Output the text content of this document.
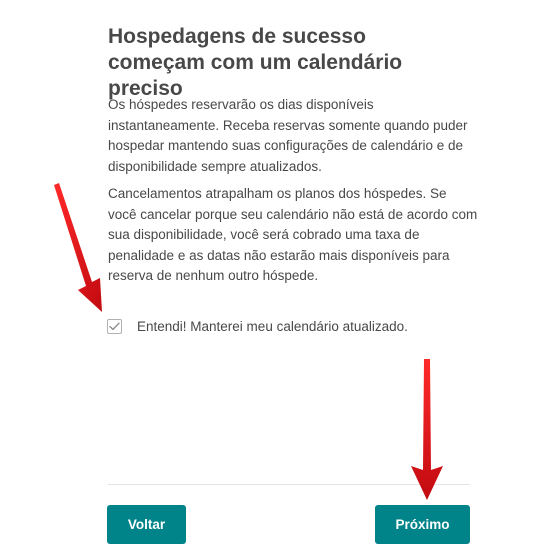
Hospedagens de sucesso começam com um calendário preciso

Os hóspedes reservarão os dias disponíveis instantaneamente. Receba reservas somente quando puder hospedar mantendo suas configurações de calendário e de disponibilidade sempre atualizados.

Cancelamentos atrapalham os planos dos hóspedes. Se você cancelar porque seu calendário não está de acordo com sua disponibilidade, você será cobrado uma taxa de penalidade e as datas não estarão mais disponíveis para reserva de nenhum outro hóspede.

Entendi! Manterei meu calendário atualizado.
Voltar	Próximo
